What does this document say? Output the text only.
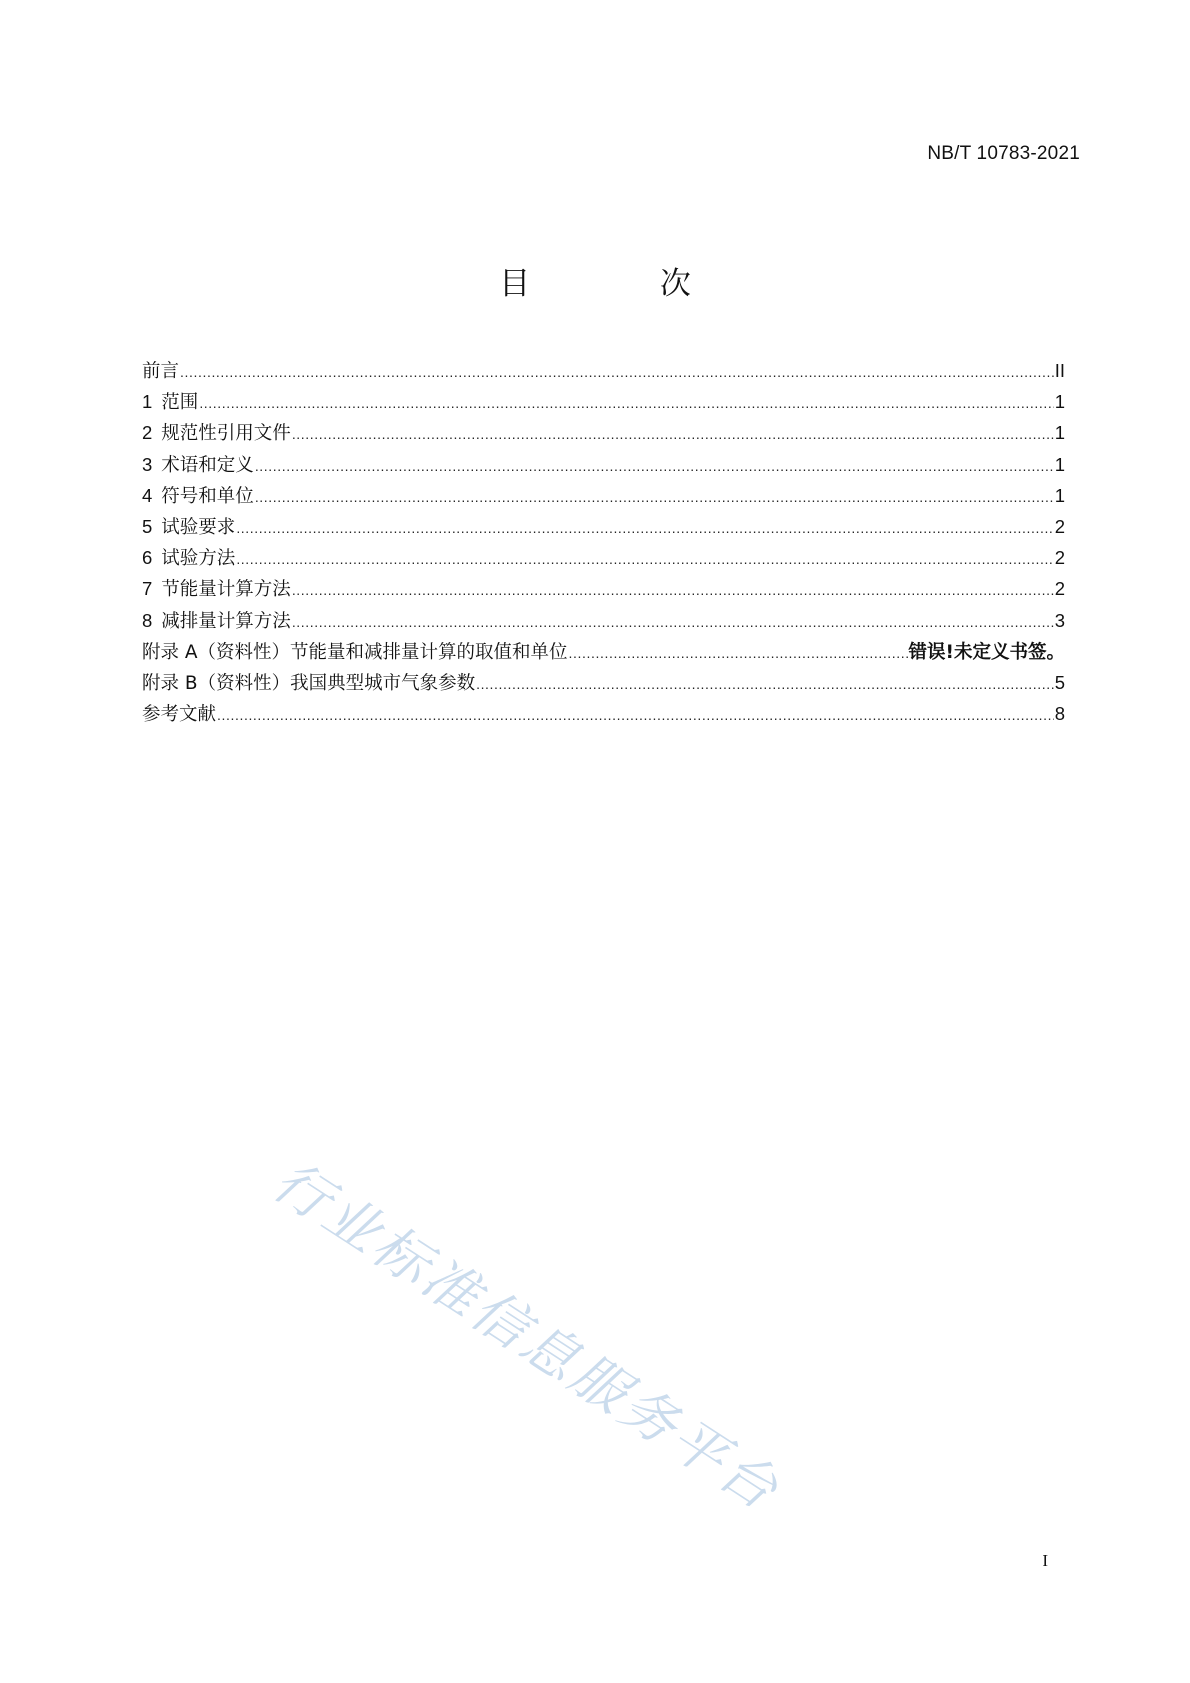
NB/T 10783-2021
目 次
前言 .....	II
1 范围 .....	1
2 规范性引用文件 .....	1
3 术语和定义 .....	1
4 符号和单位 .....	1
5 试验要求 .....	2
6 试验方法 .....	2
7 节能量计算方法 .....	2
8 减排量计算方法 .....	3
附录 A（资料性）节能量和减排量计算的取值和单位 .....	错误!未定义书签。
附录 B（资料性）我国典型城市气象参数 .....	5
参考文献 .....	8
行业标准信息服务平台
I
